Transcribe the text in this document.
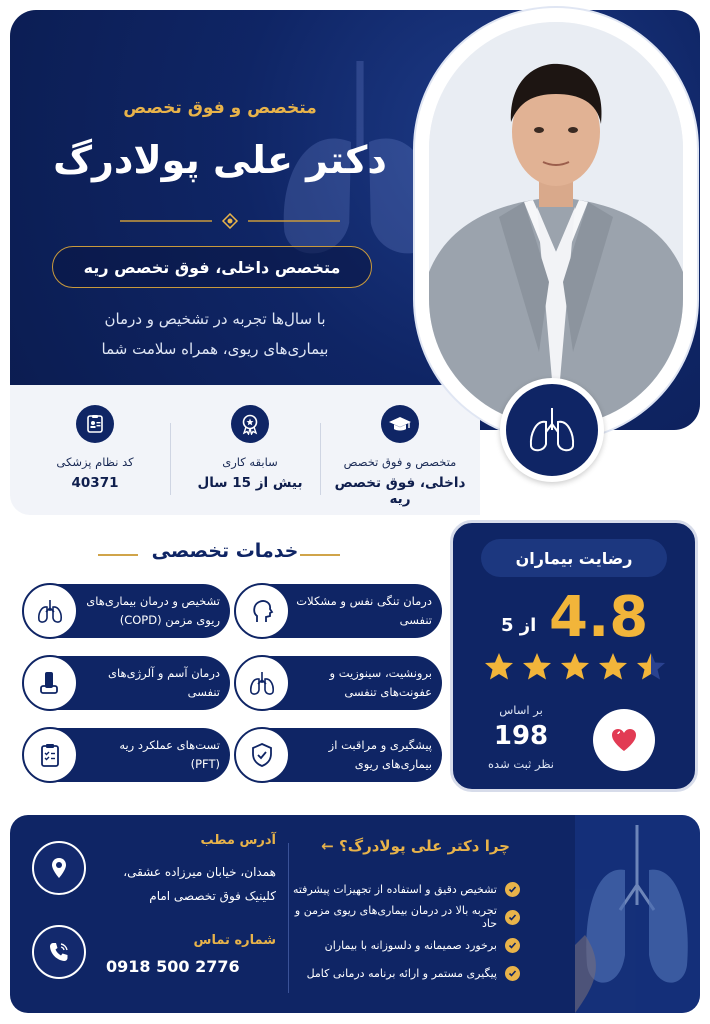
متخصص و فوق تخصص
دکتر علی پولادرگ
متخصص داخلی، فوق تخصص ریه
با سال‌ها تجربه در تشخیص و درمان
بیماری‌های ریوی، همراه سلامت شما
کد نظام پزشکی
40371
سابقه کاری
بیش از 15 سال
متخصص و فوق تخصص
داخلی، فوق تخصص ریه
خدمات تخصصی
درمان تنگی نفس و مشکلات
تنفسی
برونشیت، سینوزیت و
عفونت‌های تنفسی
پیشگیری و مراقبت از
بیماری‌های ریوی
تشخیص و درمان بیماری‌های
ریوی مزمن (COPD)
درمان آسم و آلرژی‌های
تنفسی
تست‌های عملکرد ریه
(PFT)
رضایت بیماران
4.8
از 5
بر اساس
198
نظر ثبت شده
چرا دکتر علی پولادرگ؟ ←
تشخیص دقیق و استفاده از تجهیزات پیشرفته
تجربه بالا در درمان بیماری‌های ریوی مزمن و حاد
برخورد صمیمانه و دلسوزانه با بیماران
پیگیری مستمر و ارائه برنامه درمانی کامل
آدرس مطب
همدان، خیابان میرزاده عشقی،
کلینیک فوق تخصصی امام
شماره تماس
0918 500 2776
